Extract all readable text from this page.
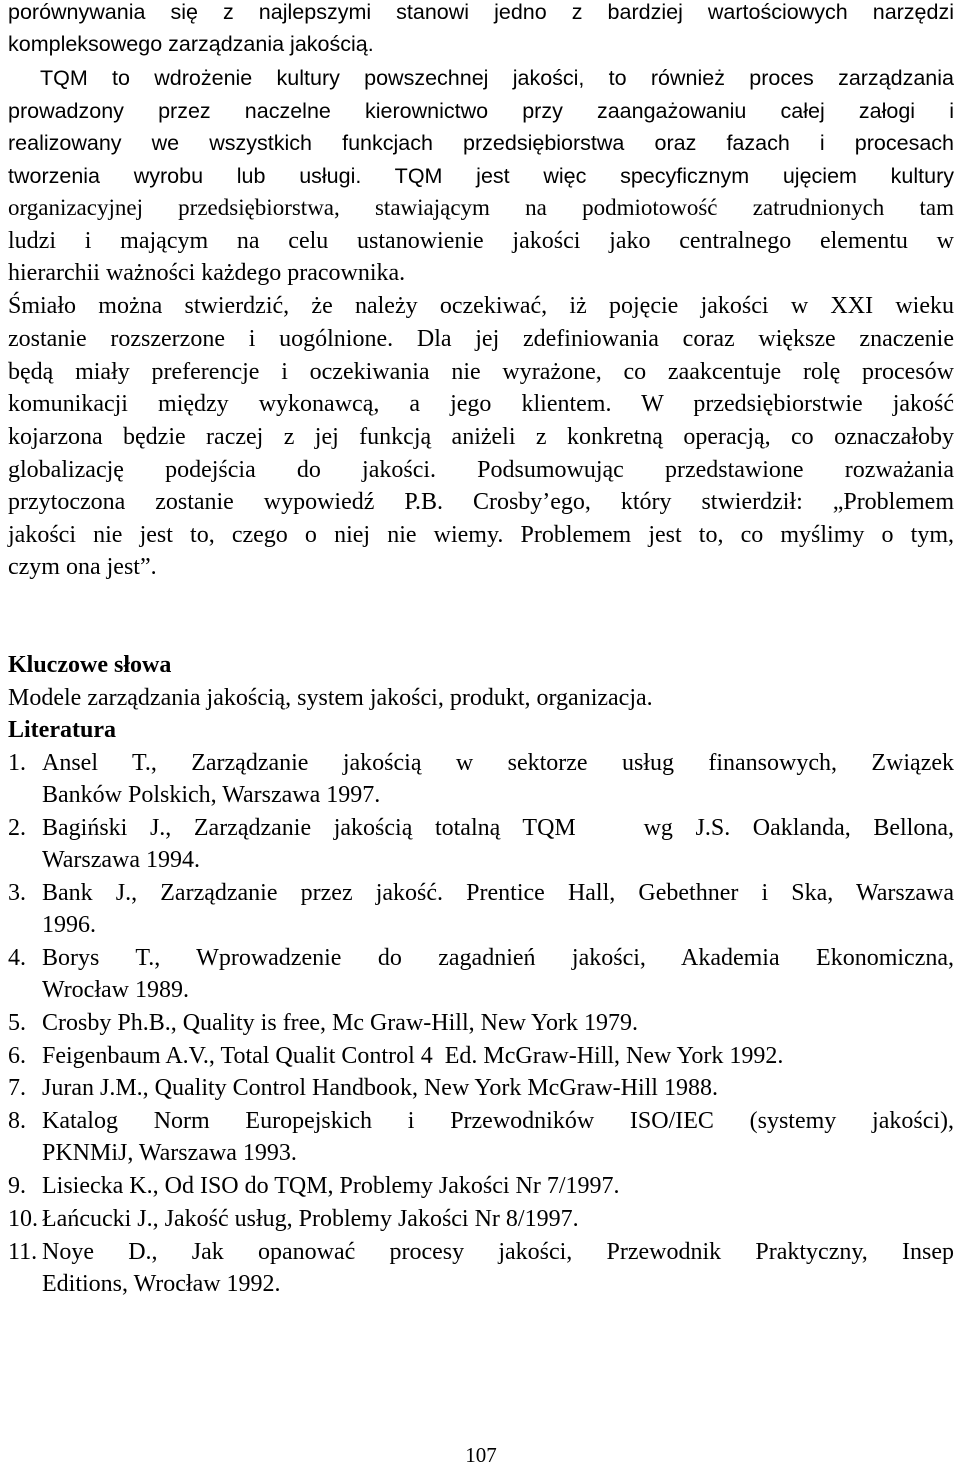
porównywania się z najlepszymi stanowi jedno z bardziej wartościowych narzędzi
kompleksowego zarządzania jakością.
TQM to wdrożenie kultury powszechnej jakości, to również proces zarządzania
prowadzony przez naczelne kierownictwo przy zaangażowaniu całej załogi i
realizowany we wszystkich funkcjach przedsiębiorstwa oraz fazach i procesach
tworzenia wyrobu lub usługi. TQM jest więc specyficznym ujęciem kultury
organizacyjnej przedsiębiorstwa, stawiającym na podmiotowość zatrudnionych tam
ludzi i mającym na celu ustanowienie jakości jako centralnego elementu w
hierarchii ważności każdego pracownika.
Śmiało można stwierdzić, że należy oczekiwać, iż pojęcie jakości w XXI wieku
zostanie rozszerzone i uogólnione. Dla jej zdefiniowania coraz większe znaczenie
będą miały preferencje i oczekiwania nie wyrażone, co zaakcentuje rolę procesów
komunikacji między wykonawcą, a jego klientem. W przedsiębiorstwie jakość
kojarzona będzie raczej z jej funkcją aniżeli z konkretną operacją, co oznaczałoby
globalizację podejścia do jakości. Podsumowując przedstawione rozważania
przytoczona zostanie wypowiedź P.B. Crosby’ego, który stwierdził: „Problemem
jakości nie jest to, czego o niej nie wiemy. Problemem jest to, co myślimy o tym,
czym ona jest”.
Kluczowe słowa
Modele zarządzania jakością, system jakości, produkt, organizacja.
Literatura
1. Ansel T., Zarządzanie jakością w sektorze usług finansowych, Związek
Banków Polskich, Warszawa 1997.
2. Bagiński J., Zarządzanie jakością totalną TQM   wg J.S. Oaklanda, Bellona,
Warszawa 1994.
3. Bank J., Zarządzanie przez jakość. Prentice Hall, Gebethner i Ska, Warszawa
1996.
4. Borys T., Wprowadzenie do zagadnień jakości, Akademia Ekonomiczna,
Wrocław 1989.
5. Crosby Ph.B., Quality is free, Mc Graw-Hill, New York 1979.
6. Feigenbaum A.V., Total Qualit Control 4  Ed. McGraw-Hill, New York 1992.
7. Juran J.M., Quality Control Handbook, New York McGraw-Hill 1988.
8. Katalog Norm Europejskich i Przewodników ISO/IEC (systemy jakości),
PKNMiJ, Warszawa 1993.
9. Lisiecka K., Od ISO do TQM, Problemy Jakości Nr 7/1997.
10. Łańcucki J., Jakość usług, Problemy Jakości Nr 8/1997.
11. Noye D., Jak opanować procesy jakości, Przewodnik Praktyczny, Insep
Editions, Wrocław 1992.
107
